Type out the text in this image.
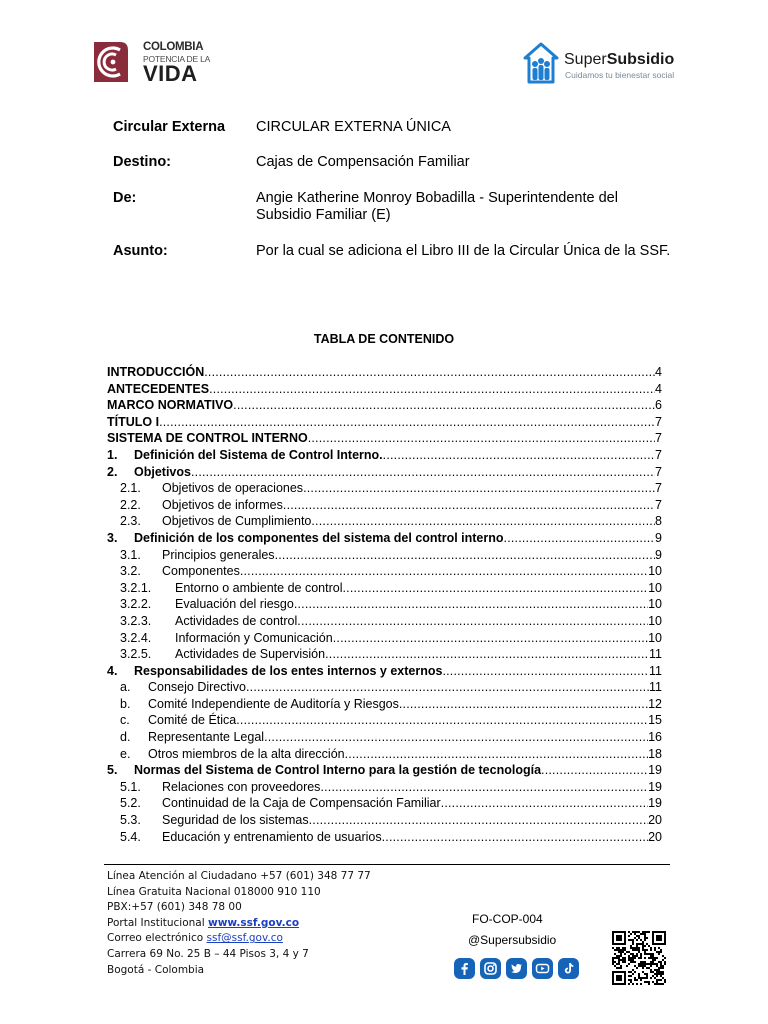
COLOMBIA
POTENCIA DE LA
VIDA
SuperSubsidio
Cuidamos tu bienestar social
Circular Externa CIRCULAR EXTERNA ÚNICA
Destino:	Cajas de Compensación Familiar
De:	Angie Katherine Monroy Bobadilla - Superintendente del Subsidio Familiar (E)
Asunto:	Por la cual se adiciona el Libro III de la Circular Única de la SSF.
TABLA DE CONTENIDO
INTRODUCCIÓN .....	4
ANTECEDENTES .....	4
MARCO NORMATIVO .....	6
TÍTULO I .....	7
SISTEMA DE CONTROL INTERNO .....	7
1.	Definición del Sistema de Control Interno. .....	7
2.	Objetivos .....	7
2.1.	Objetivos de operaciones .....	7
2.2.	Objetivos de informes .....	7
2.3.	Objetivos de Cumplimiento .....	8
3.	Definición de los componentes del sistema del control interno .....	9
3.1.	Principios generales .....	9
3.2.	Componentes .....	10
3.2.1.	Entorno o ambiente de control .....	10
3.2.2.	Evaluación del riesgo .....	10
3.2.3.	Actividades de control .....	10
3.2.4.	Información y Comunicación .....	10
3.2.5.	Actividades de Supervisión .....	11
4.	Responsabilidades de los entes internos y externos .....	11
a.	Consejo Directivo .....	11
b.	Comité Independiente de Auditoría y Riesgos .....	12
c.	Comité de Ética .....	15
d.	Representante Legal .....	16
e.	Otros miembros de la alta dirección .....	18
5.	Normas del Sistema de Control Interno para la gestión de tecnología .....	19
5.1.	Relaciones con proveedores .....	19
5.2.	Continuidad de la Caja de Compensación Familiar .....	19
5.3.	Seguridad de los sistemas .....	20
5.4.	Educación y entrenamiento de usuarios .....	20
Línea Atención al Ciudadano +57 (601) 348 77 77
Línea Gratuita Nacional 018000 910 110
PBX:+57 (601) 348 78 00
Portal Institucional www.ssf.gov.co
Correo electrónico ssf@ssf.gov.co
Carrera 69 No. 25 B – 44 Pisos 3, 4 y 7
Bogotá - Colombia
FO-COP-004
@Supersubsidio
